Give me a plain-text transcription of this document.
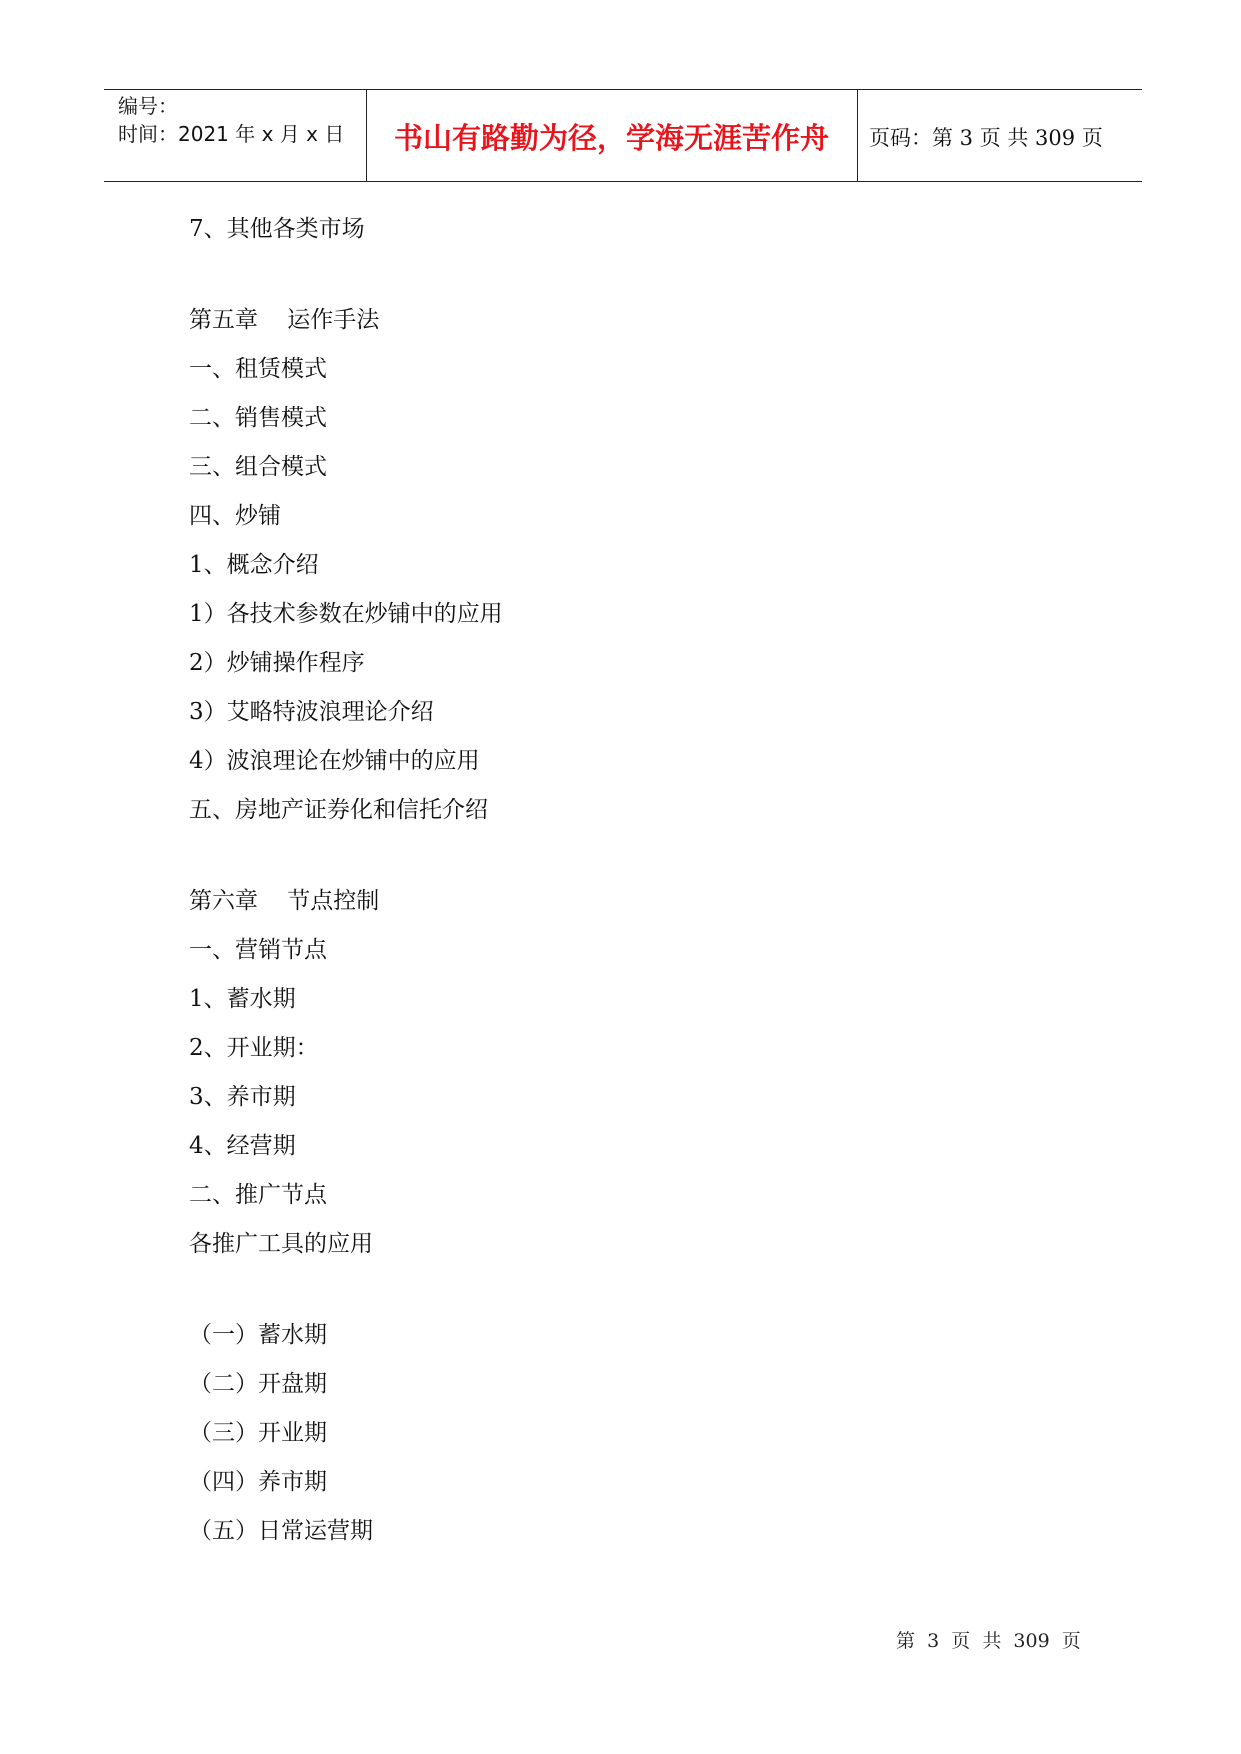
编号：
时间：2021 年 x 月 x 日	书山有路勤为径，学海无涯苦作舟	页码：第 3 页 共 309 页
7、其他各类市场
第五章    运作手法
一、租赁模式
二、销售模式
三、组合模式
四、炒铺
1、概念介绍
1）各技术参数在炒铺中的应用
2）炒铺操作程序
3）艾略特波浪理论介绍
4）波浪理论在炒铺中的应用
五、房地产证券化和信托介绍
第六章    节点控制
一、营销节点
1、蓄水期
2、开业期：
3、养市期
4、经营期
二、推广节点
各推广工具的应用
（一）蓄水期
（二）开盘期
（三）开业期
（四）养市期
（五）日常运营期
第  3  页  共  309  页
